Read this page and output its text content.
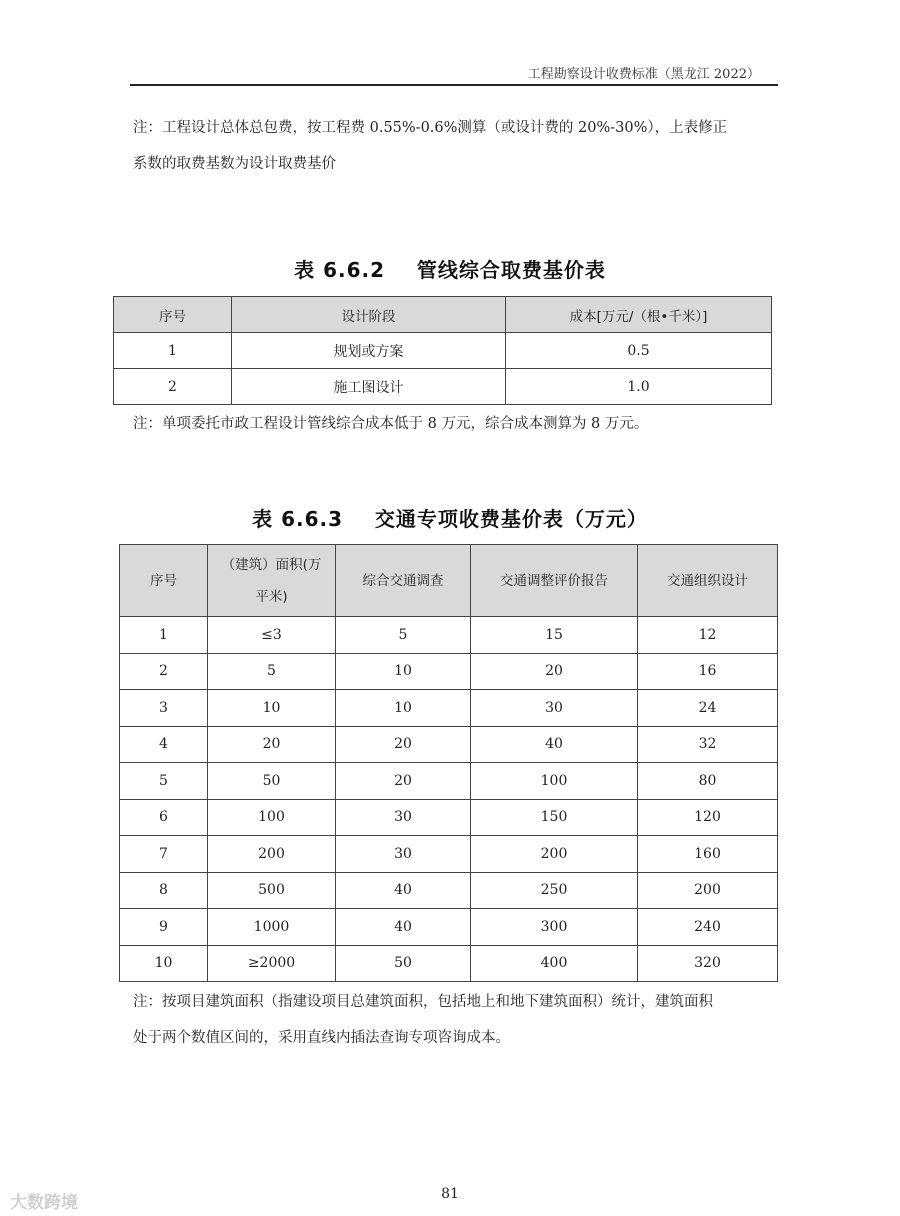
工程勘察设计收费标准（黑龙江 2022）
注：工程设计总体总包费，按工程费 0.55%-0.6%测算（或设计费的 20%-30%），上表修正
系数的取费基数为设计取费基价
表 6.6.2    管线综合取费基价表
序号	设计阶段	成本[万元/（根•千米）]
1	规划或方案	0.5
2	施工图设计	1.0
注：单项委托市政工程设计管线综合成本低于 8 万元，综合成本测算为 8 万元。
表 6.6.3    交通专项收费基价表（万元）
序号	（建筑）面积(万
平米)	综合交通调查	交通调整评价报告	交通组织设计
1	≤3	5	15	12
2	5	10	20	16
3	10	10	30	24
4	20	20	40	32
5	50	20	100	80
6	100	30	150	120
7	200	30	200	160
8	500	40	250	200
9	1000	40	300	240
10	≥2000	50	400	320
注：按项目建筑面积（指建设项目总建筑面积，包括地上和地下建筑面积）统计，建筑面积
处于两个数值区间的，采用直线内插法查询专项咨询成本。
大数跨境	81
